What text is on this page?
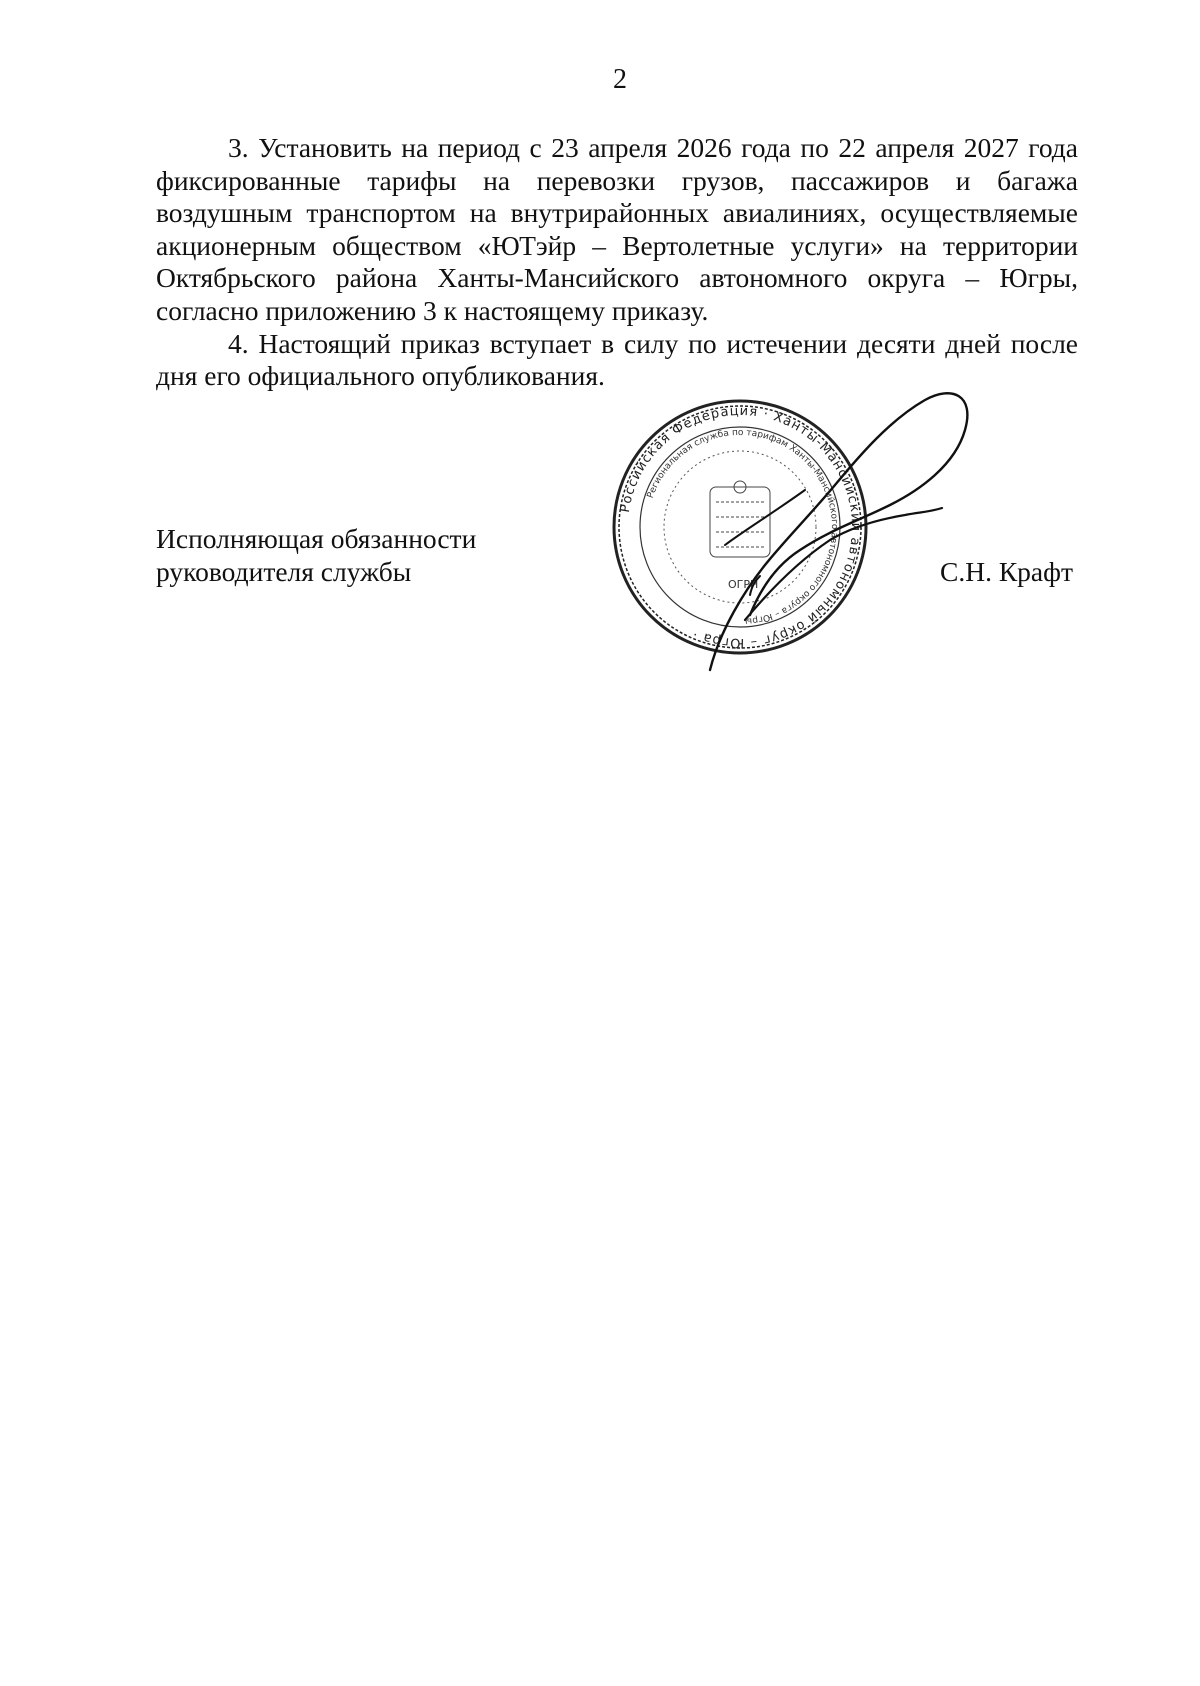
2

3. Установить на период с 23 апреля 2026 года по 22 апреля 2027 года фиксированные тарифы на перевозки грузов, пассажиров и багажа воздушным транспортом на внутрирайонных авиалиниях, осуществляемые акционерным обществом «ЮТэйр – Вертолетные услуги» на территории Октябрьского района Ханты-Мансийского автономного округа – Югры, согласно приложению 3 к настоящему приказу.

4. Настоящий приказ вступает в силу по истечении десяти дней после дня его официального опубликования.

Исполняющая обязанности
руководителя службы
Российская Федерация · Ханты-Мансийский автономный округ – Югра ·
Региональная служба по тарифам Ханты-Мансийского автономного округа – Югры
ОГРН	С.Н. Крафт
